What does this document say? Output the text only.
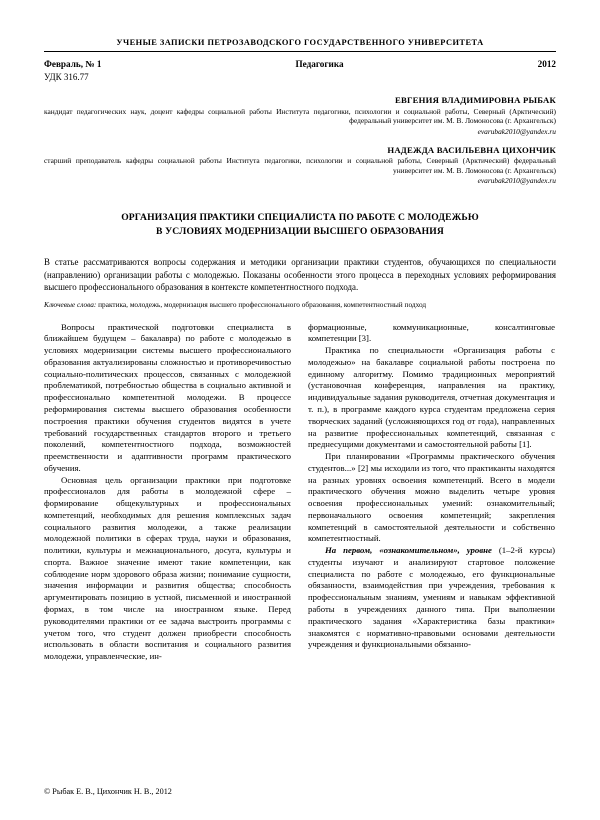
УЧЕНЫЕ ЗАПИСКИ ПЕТРОЗАВОДСКОГО ГОСУДАРСТВЕННОГО УНИВЕРСИТЕТА
Февраль, № 1	Педагогика	2012
УДК 316.77
ЕВГЕНИЯ ВЛАДИМИРОВНА РЫБАК
кандидат педагогических наук, доцент кафедры социальной работы Института педагогики, психологии и социальной работы, Северный (Арктический) федеральный университет им. М. В. Ломоносова (г. Архангельск)
evarubak2010@yandex.ru
НАДЕЖДА ВАСИЛЬЕВНА ЦИХОНЧИК
старший преподаватель кафедры социальной работы Института педагогики, психологии и социальной работы, Северный (Арктический) федеральный университет им. М. В. Ломоносова (г. Архангельск)
evarubak2010@yandex.ru
ОРГАНИЗАЦИЯ ПРАКТИКИ СПЕЦИАЛИСТА ПО РАБОТЕ С МОЛОДЕЖЬЮ
В УСЛОВИЯХ МОДЕРНИЗАЦИИ ВЫСШЕГО ОБРАЗОВАНИЯ
В статье рассматриваются вопросы содержания и методики организации практики студентов, обучающихся по специальности (направлению) организации работы с молодежью. Показаны особенности этого процесса в переходных условиях реформирования высшего профессионального образования в контексте компетентностного подхода.
Ключевые слова: практика, молодежь, модернизация высшего профессионального образования, компетентностный подход

Вопросы практической подготовки специалиста в ближайшем будущем – бакалавра) по работе с молодежью в условиях модернизации системы высшего профессионального образования актуализированы сложностью и противоречивостью социально-политических процессов, связанных с молодежной проблематикой, потребностью общества в социально активной и профессионально компетентной молодежи. В процессе реформирования системы высшего образования особенности построения практики обучения студентов видятся в учете требований государственных стандартов второго и третьего поколений, компетентностного подхода, возможностей преемственности и адаптивности программ практического обучения.

Основная цель организации практики при подготовке профессионалов для работы в молодежной сфере – формирование общекультурных и профессиональных компетенций, необходимых для решения комплексных задач социального развития молодежи, а также реализации молодежной политики в сферах труда, науки и образования, политики, культуры и межнационального, досуга, культуры и спорта. Важное значение имеют такие компетенции, как соблюдение норм здорового образа жизни; понимание сущности, значения информации и развития общества; способность аргументировать позицию в устной, письменной и иностранной формах, в том числе на иностранном языке. Перед руководителями практики от ее задача выстроить программы с учетом того, что студент должен приобрести способность использовать в области воспитания и социального развития молодежи, управленческие, ин-

формационные, коммуникационные, консалтинговые компетенции [3].

Практика по специальности «Организация работы с молодежью» на бакалавре социальной работы построена по единному алгоритму. Помимо традиционных мероприятий (установочная конференция, направления на практику, индивидуальные задания руководителя, отчетная документация и т. п.), в программе каждого курса студентам предложена серия творческих заданий (усложняющихся год от года), направленных на развитие профессиональных компетенций, связанная с преднесущими документами и самостоятельной работы [1].

При планировании «Программы практического обучения студентов...» [2] мы исходили из того, что практиканты находятся на разных уровнях освоения компетенций. Всего в модели практического обучения можно выделить четыре уровня освоения профессиональных умений: ознакомительный; первоначального освоения компетенций; закрепления компетенций в самостоятельной деятельности и собственно компетентностный.

На первом, «ознакомительном», уровне (1–2-й курсы) студенты изучают и анализируют стартовое положение специалиста по работе с молодежью, его функциональные обязанности, взаимодействия при учреждения, требования к профессиональным знаниям, умениям и навыкам эффективной работы в учреждениях данного типа. При выполнении практического задания «Характеристика базы практики» знакомятся с нормативно-правовыми основами деятельности учреждения и функциональными обязанно-

© Рыбак Е. В., Цихончик Н. В., 2012
